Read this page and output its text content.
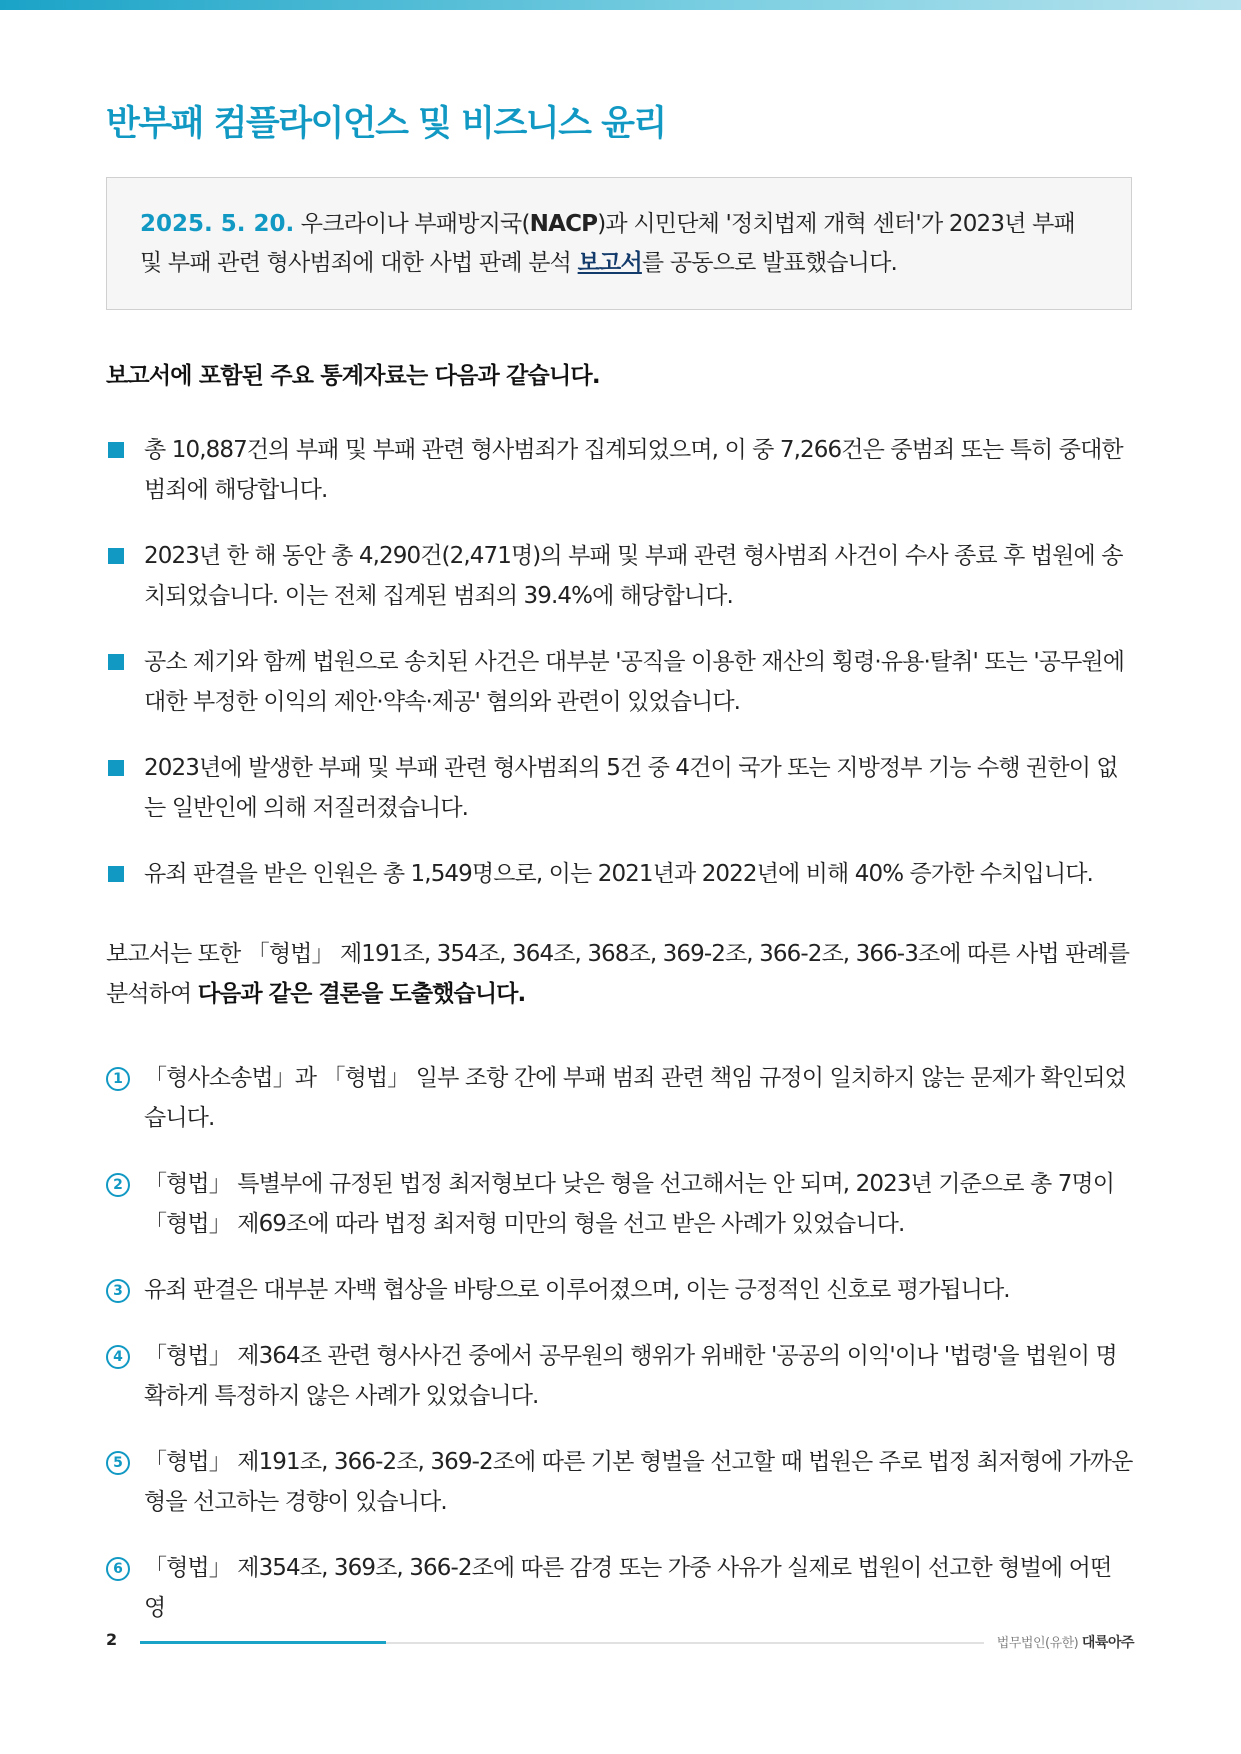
반부패 컴플라이언스 및 비즈니스 윤리
2025. 5. 20. 우크라이나 부패방지국(NACP)과 시민단체 '정치법제 개혁 센터'가 2023년 부패 및 부패 관련 형사범죄에 대한 사법 판례 분석 보고서를 공동으로 발표했습니다.
보고서에 포함된 주요 통계자료는 다음과 같습니다.
총 10,887건의 부패 및 부패 관련 형사범죄가 집계되었으며, 이 중 7,266건은 중범죄 또는 특히 중대한 범죄에 해당합니다.
2023년 한 해 동안 총 4,290건(2,471명)의 부패 및 부패 관련 형사범죄 사건이 수사 종료 후 법원에 송치되었습니다. 이는 전체 집계된 범죄의 39.4%에 해당합니다.
공소 제기와 함께 법원으로 송치된 사건은 대부분 '공직을 이용한 재산의 횡령·유용·탈취' 또는 '공무원에 대한 부정한 이익의 제안·약속·제공' 혐의와 관련이 있었습니다.
2023년에 발생한 부패 및 부패 관련 형사범죄의 5건 중 4건이 국가 또는 지방정부 기능 수행 권한이 없는 일반인에 의해 저질러졌습니다.
유죄 판결을 받은 인원은 총 1,549명으로, 이는 2021년과 2022년에 비해 40% 증가한 수치입니다.

보고서는 또한 「형법」 제191조, 354조, 364조, 368조, 369-2조, 366-2조, 366-3조에 따른 사법 판례를 분석하여 다음과 같은 결론을 도출했습니다.

1 「형사소송법」과 「형법」 일부 조항 간에 부패 범죄 관련 책임 규정이 일치하지 않는 문제가 확인되었습니다.
2 「형법」 특별부에 규정된 법정 최저형보다 낮은 형을 선고해서는 안 되며, 2023년 기준으로 총 7명이 「형법」 제69조에 따라 법정 최저형 미만의 형을 선고 받은 사례가 있었습니다.
3 유죄 판결은 대부분 자백 협상을 바탕으로 이루어졌으며, 이는 긍정적인 신호로 평가됩니다.
4 「형법」 제364조 관련 형사사건 중에서 공무원의 행위가 위배한 '공공의 이익'이나 '법령'을 법원이 명확하게 특정하지 않은 사례가 있었습니다.
5 「형법」 제191조, 366-2조, 369-2조에 따른 기본 형벌을 선고할 때 법원은 주로 법정 최저형에 가까운 형을 선고하는 경향이 있습니다.
6 「형법」 제354조, 369조, 366-2조에 따른 감경 또는 가중 사유가 실제로 법원이 선고한 형벌에 어떤 영
2	법무법인(유한) 대륙아주
